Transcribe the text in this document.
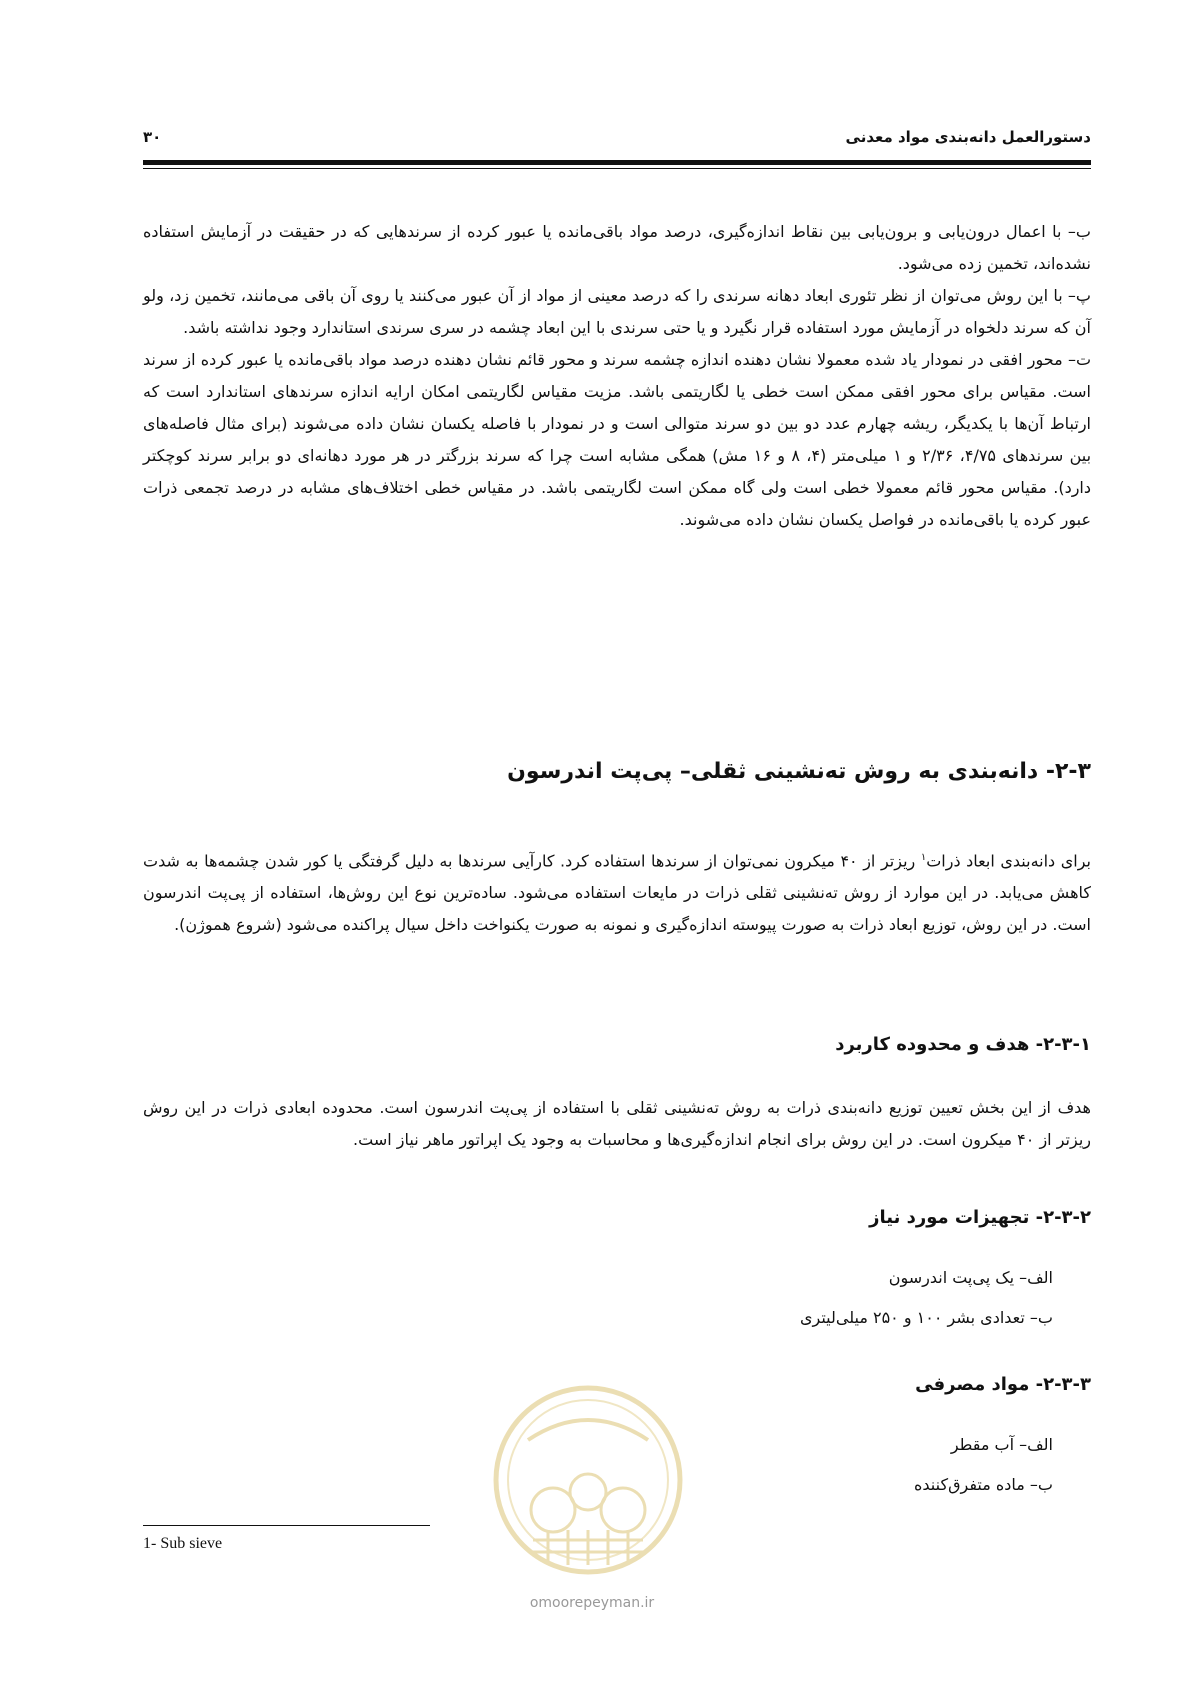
دستورالعمل دانه‌بندی مواد معدنی
۳۰

ب– با اعمال درون‌یابی و برون‌یابی بین نقاط اندازه‌گیری، درصد مواد باقی‌مانده یا عبور کرده از سرندهایی که در حقیقت در آزمایش استفاده نشده‌اند، تخمین زده می‌شود.

پ– با این روش می‌توان از نظر تئوری ابعاد دهانه سرندی را که درصد معینی از مواد از آن عبور می‌کنند یا روی آن باقی می‌مانند، تخمین زد، ولو آن که سرند دلخواه در آزمایش مورد استفاده قرار نگیرد و یا حتی سرندی با این ابعاد چشمه در سری سرندی استاندارد وجود نداشته باشد.

ت– محور افقی در نمودار یاد شده معمولا نشان دهنده اندازه چشمه سرند و محور قائم نشان دهنده درصد مواد باقی‌مانده یا عبور کرده از سرند است. مقیاس برای محور افقی ممکن است خطی یا لگاریتمی باشد. مزیت مقیاس لگاریتمی امکان ارایه اندازه سرندهای استاندارد است که ارتباط آن‌ها با یکدیگر، ریشه چهارم عدد دو بین دو سرند متوالی است و در نمودار با فاصله یکسان نشان داده می‌شوند (برای مثال فاصله‌های بین سرندهای ۴/۷۵، ۲/۳۶ و ۱ میلی‌متر (۴، ۸ و ۱۶ مش) همگی مشابه است چرا که سرند بزرگتر در هر مورد دهانه‌ای دو برابر سرند کوچکتر دارد). مقیاس محور قائم معمولا خطی است ولی گاه ممکن است لگاریتمی باشد. در مقیاس خطی اختلاف‌های مشابه در درصد تجمعی ذرات عبور کرده یا باقی‌مانده در فواصل یکسان نشان داده می‌شوند.

۲-۳- دانه‌بندی به روش ته‌نشینی ثقلی– پی‌پت اندرسون
برای دانه‌بندی ابعاد ذرات$^۱$ ریزتر از ۴۰ میکرون نمی‌توان از سرندها استفاده کرد. کارآیی سرندها به دلیل گرفتگی یا کور شدن چشمه‌ها به شدت کاهش می‌یابد. در این موارد از روش ته‌نشینی ثقلی ذرات در مایعات استفاده می‌شود. ساده‌ترین نوع این روش‌ها، استفاده از پی‌پت اندرسون است. در این روش، توزیع ابعاد ذرات به صورت پیوسته اندازه‌گیری و نمونه به صورت یکنواخت داخل سیال پراکنده می‌شود (شروع هموژن).
۲-۳-۱- هدف و محدوده کاربرد
هدف از این بخش تعیین توزیع دانه‌بندی ذرات به روش ته‌نشینی ثقلی با استفاده از پی‌پت اندرسون است. محدوده ابعادی ذرات در این روش ریزتر از ۴۰ میکرون است. در این روش برای انجام اندازه‌گیری‌ها و محاسبات به وجود یک اپراتور ماهر نیاز است.
۲-۳-۲- تجهیزات مورد نیاز
الف– یک پی‌پت اندرسون
ب– تعدادی بشر ۱۰۰ و ۲۵۰ میلی‌لیتری
۲-۳-۳- مواد مصرفی
الف– آب مقطر
ب– ماده متفرق‌کننده
omoorepeyman.ir
1- Sub sieve
